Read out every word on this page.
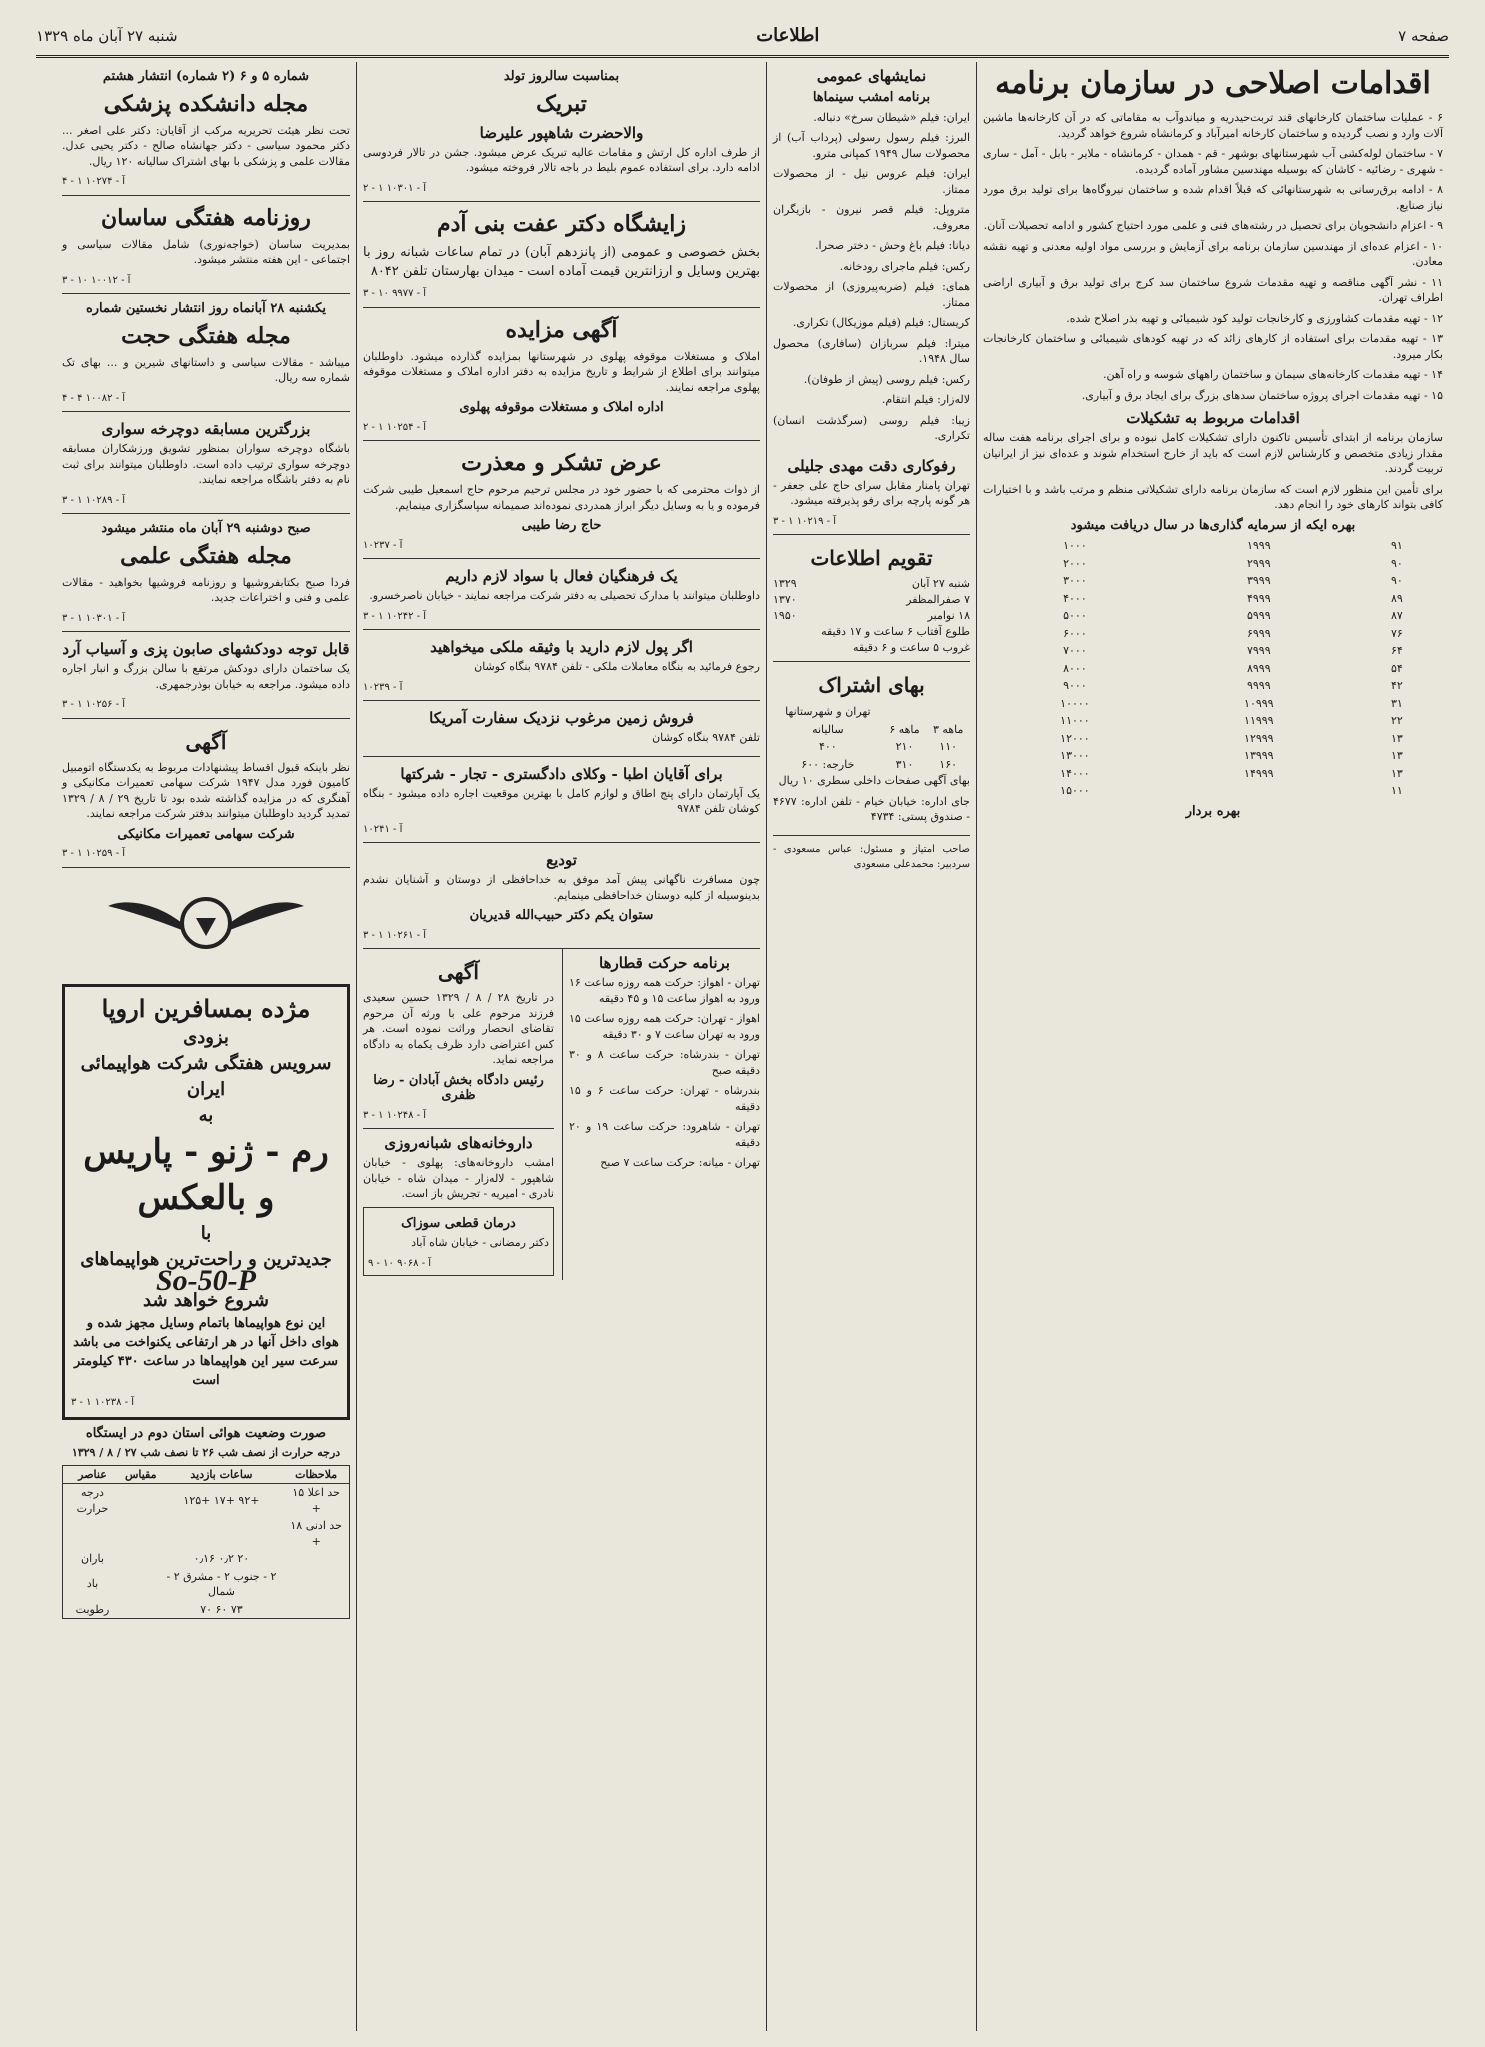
صفحه ۷
اطلاعات
شنبه ۲۷ آبان ماه ۱۳۲۹
اقدامات اصلاحی در سازمان برنامه
۶ - عملیات ساختمان کارخانهای قند تربت‌حیدریه و میاندوآب به مقاماتی که در آن کارخانه‌ها ماشین آلات وارد و نصب گردیده و ساختمان کارخانه امیرآباد و کرمانشاه شروع خواهد گردید.
۷ - ساختمان لوله‌کشی آب شهرستانهای بوشهر - قم - همدان - کرمانشاه - ملایر - بابل - آمل - ساری - شهری - رضائیه - کاشان که بوسیله مهندسین مشاور آماده گردیده.
۸ - ادامه برق‌رسانی به شهرستانهائی که قبلاً اقدام شده و ساختمان نیروگاه‌ها برای تولید برق مورد نیاز صنایع.
۹ - اعزام دانشجویان برای تحصیل در رشته‌های فنی و علمی مورد احتیاج کشور و ادامه تحصیلات آنان.
۱۰ - اعزام عده‌ای از مهندسین سازمان برنامه برای آزمایش و بررسی مواد اولیه معدنی و تهیه نقشه معادن.
۱۱ - نشر آگهی مناقصه و تهیه مقدمات شروع ساختمان سد کرج برای تولید برق و آبیاری اراضی اطراف تهران.
۱۲ - تهیه مقدمات کشاورزی و کارخانجات تولید کود شیمیائی و تهیه بذر اصلاح شده.
۱۳ - تهیه مقدمات برای استفاده از کارهای زائد که در تهیه کودهای شیمیائی و ساختمان کارخانجات بکار میرود.
۱۴ - تهیه مقدمات کارخانه‌های سیمان و ساختمان راههای شوسه و راه آهن.
۱۵ - تهیه مقدمات اجرای پروژه ساختمان سدهای بزرگ برای ایجاد برق و آبیاری.
اقدامات مربوط به تشکیلات
سازمان برنامه از ابتدای تأسیس تاکنون دارای تشکیلات کامل نبوده و برای اجرای برنامه هفت ساله مقدار زیادی متخصص و کارشناس لازم است که باید از خارج استخدام شوند و عده‌ای نیز از ایرانیان تربیت گردند.
برای تأمین این منظور لازم است که سازمان برنامه دارای تشکیلاتی منظم و مرتب باشد و با اختیارات کافی بتواند کارهای خود را انجام دهد.
بهره ایکه از سرمایه گذاری‌ها در سال دریافت میشود
۱۰۰۰	۱۹۹۹	۹۱
۲۰۰۰	۲۹۹۹	۹۰
۳۰۰۰	۳۹۹۹	۹۰
۴۰۰۰	۴۹۹۹	۸۹
۵۰۰۰	۵۹۹۹	۸۷
۶۰۰۰	۶۹۹۹	۷۶
۷۰۰۰	۷۹۹۹	۶۴
۸۰۰۰	۸۹۹۹	۵۴
۹۰۰۰	۹۹۹۹	۴۲
۱۰۰۰۰	۱۰۹۹۹	۳۱
۱۱۰۰۰	۱۱۹۹۹	۲۲
۱۲۰۰۰	۱۲۹۹۹	۱۳
۱۳۰۰۰	۱۳۹۹۹	۱۳
۱۴۰۰۰	۱۴۹۹۹	۱۳
۱۵۰۰۰		۱۱
بهره بردار
نمایشهای عمومی
برنامه امشب سینماها
ایران: فیلم «شیطان سرخ» دنباله.
البرز: فیلم رسول رسولی (پرداب آب) از محصولات سال ۱۹۴۹ کمپانی مترو.
ایران: فیلم عروس نیل - از محصولات ممتاز.
متروپل: فیلم قصر نیرون - بازیگران معروف.
دیانا: فیلم باغ وحش - دختر صحرا.
رکس: فیلم ماجرای رودخانه.
همای: فیلم (ضربه‌پیروزی) از محصولات ممتاز.
کریستال: فیلم (فیلم موزیکال) تکراری.
میترا: فیلم سربازان (سافاری) محصول سال ۱۹۴۸.
رکس: فیلم روسی (پیش از طوفان).
لاله‌زار: فیلم انتقام.
زیبا: فیلم روسی (سرگذشت انسان) تکراری.
رفوکاری دقت مهدی جلیلی
تهران پامنار مقابل سرای حاج علی جعفر - هر گونه پارچه برای رفو پذیرفته میشود.
آ - ۱۰۲۱۹ ۱ - ۳
تقویم اطلاعات
شنبه ۲۷ آبان
۱۳۲۹
۷ صفرالمظفر
۱۳۷۰
۱۸ نوامبر
۱۹۵۰
طلوع آفتاب ۶ ساعت و ۱۷ دقیقه
غروب ۵ ساعت و ۶ دقیقه
بهای اشتراک
تهران و شهرستانها		
سالیانه	۶ ماهه	۳ ماهه
۴۰۰	۲۱۰	۱۱۰
خارجه: ۶۰۰	۳۱۰	۱۶۰
بهای آگهی صفحات داخلی سطری ۱۰ ریال
جای اداره: خیابان خیام - تلفن اداره: ۴۶۷۷ - صندوق پستی: ۴۷۳۴
صاحب امتیاز و مسئول: عباس مسعودی - سردبیر: محمدعلی مسعودی
بمناسبت سالروز تولد
تبریک
والاحضرت شاهپور علیرضا
از طرف اداره کل ارتش و مقامات عالیه تبریک عرض میشود. جشن در تالار فردوسی ادامه دارد. برای استفاده عموم بلیط در باجه تالار فروخته میشود.
آ - ۱۰۳۰۱ ۱ - ۲
زایشگاه دکتر عفت بنی آدم
بخش خصوصی و عمومی (از پانزدهم آبان) در تمام ساعات شبانه روز با بهترین وسایل و ارزانترین قیمت آماده است - میدان بهارستان تلفن ۸۰۴۲
آ - ۹۹۷۷ ۱۰ - ۳
آگهی مزایده
املاک و مستغلات موقوفه پهلوی در شهرستانها بمزایده گذارده میشود. داوطلبان میتوانند برای اطلاع از شرایط و تاریخ مزایده به دفتر اداره املاک و مستغلات موقوفه پهلوی مراجعه نمایند.
اداره املاک و مستغلات موقوفه پهلوی
آ - ۱۰۲۵۴ ۱ - ۲
عرض تشکر و معذرت
از ذوات محترمی که با حضور خود در مجلس ترحیم مرحوم حاج اسمعیل طیبی شرکت فرموده و یا به وسایل دیگر ابراز همدردی نموده‌اند صمیمانه سپاسگزاری مینمایم.
حاج رضا طیبی
آ - ۱۰۲۳۷
یک فرهنگیان فعال با سواد لازم داریم
داوطلبان میتوانند با مدارک تحصیلی به دفتر شرکت مراجعه نمایند - خیابان ناصرخسرو.
آ - ۱۰۲۴۲ ۱ - ۳
اگر پول لازم دارید با وثیقه ملکی میخواهید
رجوع فرمائید به بنگاه معاملات ملکی - تلفن ۹۷۸۴ بنگاه کوشان
آ - ۱۰۲۳۹
فروش زمین مرغوب نزدیک سفارت آمریکا
تلفن ۹۷۸۴ بنگاه کوشان
برای آقایان اطبا - وکلای دادگستری - تجار - شرکتها
یک آپارتمان دارای پنج اطاق و لوازم کامل با بهترین موقعیت اجاره داده میشود - بنگاه کوشان تلفن ۹۷۸۴
آ - ۱۰۲۴۱
تودیع
چون مسافرت ناگهانی پیش آمد موفق به خداحافظی از دوستان و آشنایان نشدم بدینوسیله از کلیه دوستان خداحافظی مینمایم.
ستوان یکم دکتر حبیب‌الله قدیریان
آ - ۱۰۲۶۱ ۱ - ۳
برنامه حرکت قطارها
تهران - اهواز: حرکت همه روزه ساعت ۱۶ ورود به اهواز ساعت ۱۵ و ۴۵ دقیقه
اهواز - تهران: حرکت همه روزه ساعت ۱۵ ورود به تهران ساعت ۷ و ۳۰ دقیقه
تهران - بندرشاه: حرکت ساعت ۸ و ۳۰ دقیقه صبح
بندرشاه - تهران: حرکت ساعت ۶ و ۱۵ دقیقه
تهران - شاهرود: حرکت ساعت ۱۹ و ۲۰ دقیقه
تهران - میانه: حرکت ساعت ۷ صبح
آگهی
در تاریخ ۲۸ / ۸ / ۱۳۲۹ حسین سعیدی فرزند مرحوم علی با ورثه آن مرحوم تقاضای انحصار وراثت نموده است. هر کس اعتراضی دارد ظرف یکماه به دادگاه مراجعه نماید.
رئیس دادگاه بخش آبادان - رضا ظفری
آ - ۱۰۲۴۸ ۱ - ۳
داروخانه‌های شبانه‌روزی
امشب داروخانه‌های: پهلوی - خیابان شاهپور - لاله‌زار - میدان شاه - خیابان نادری - امیریه - تجریش باز است.
درمان قطعی سوزاک
دکتر رمضانی - خیابان شاه آباد
آ - ۹۰۶۸ ۱۰ - ۹
شماره ۵ و ۶ (۲ شماره) انتشار هشتم
مجله دانشکده پزشکی
تحت نظر هیئت تحریریه مرکب از آقایان: دکتر علی اصغر ... دکتر محمود سیاسی - دکتر جهانشاه صالح - دکتر یحیی عدل. مقالات علمی و پزشکی با بهای اشتراک سالیانه ۱۲۰ ریال.
آ - ۱۰۲۷۴ ۱ - ۴
روزنامه هفتگی ساسان
بمدیریت ساسان (خواجه‌نوری) شامل مقالات سیاسی و اجتماعی - این هفته منتشر میشود.
آ - ۱۰۰۱۲ ۱۰ - ۳
یکشنبه ۲۸ آبانماه روز انتشار نخستین شماره
مجله هفتگی حجت
میباشد - مقالات سیاسی و داستانهای شیرین و ... بهای تک شماره سه ریال.
آ - ۱۰۰۸۲ ۴ - ۴
بزرگترین مسابقه دوچرخه سواری
باشگاه دوچرخه سواران بمنظور تشویق ورزشکاران مسابقه دوچرخه سواری ترتیب داده است. داوطلبان میتوانند برای ثبت نام به دفتر باشگاه مراجعه نمایند.
آ - ۱۰۲۸۹ ۱ - ۳
صبح دوشنبه ۲۹ آبان ماه منتشر میشود
مجله هفتگی علمی
فردا صبح بکتابفروشیها و روزنامه فروشیها بخواهید - مقالات علمی و فنی و اختراعات جدید.
آ - ۱۰۳۰۱ ۱ - ۳
قابل توجه دودکشهای صابون پزی و آسیاب آرد
یک ساختمان دارای دودکش مرتفع با سالن بزرگ و انبار اجاره داده میشود. مراجعه به خیابان بوذرجمهری.
آ - ۱۰۲۵۶ ۱ - ۳
آگهی
نظر باینکه قبول اقساط پیشنهادات مربوط به یکدستگاه اتومبیل کامیون فورد مدل ۱۹۴۷ شرکت سهامی تعمیرات مکانیکی و آهنگری که در مزایده گذاشته شده بود تا تاریخ ۲۹ / ۸ / ۱۳۲۹ تمدید گردید داوطلبان میتوانند بدفتر شرکت مراجعه نمایند.
شرکت سهامی تعمیرات مکانیکی
آ - ۱۰۲۵۹ ۱ - ۳
مژده بمسافرین اروپا
بزودی
سرویس هفتگی شرکت هواپیمائی ایران
به
رم - ژنو - پاریس و بالعکس
با
جدیدترین و راحت‌ترین هواپیماهای
So-50-P
شروع خواهد شد
این نوع هواپیماها باتمام وسایل مجهز شده و هوای داخل آنها در هر ارتفاعی یکنواخت می باشد سرعت سیر این هواپیماها در ساعت ۴۳۰ کیلومتر است
آ - ۱۰۲۳۸ ۱ - ۳
صورت وضعیت هوائی استان دوم در ایستگاه
درجه حرارت از نصف شب ۲۶ تا نصف شب ۲۷ / ۸ / ۱۳۲۹
ملاحظات	ساعات بازدید	مقیاس	عناصر
حد اعلا ۱۵ +	+۹۲ +۱۷ +۱۲۵		درجه حرارت
حد ادنی ۱۸ +			
	۲۰ ۰٫۲ ۰٫۱۶		باران
	۲ - جنوب ۲ - مشرق ۲ - شمال		باد
	۷۳ ۶۰ ۷۰		رطوبت
